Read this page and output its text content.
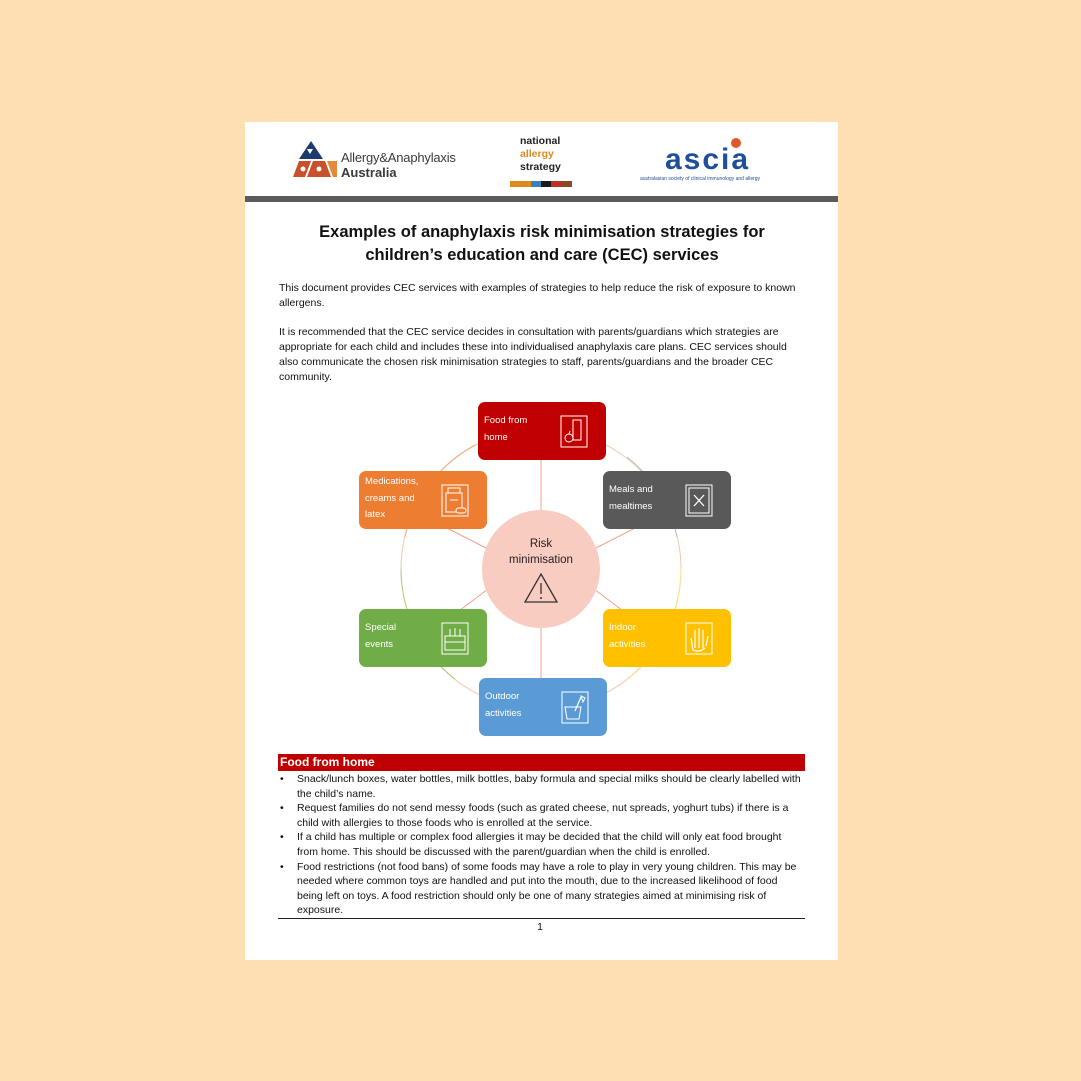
Allergy&Anaphylaxis
Australia
national
allergy
strategy	ascia
australasian society of clinical immunology and allergy
Examples of anaphylaxis risk minimisation strategies for children’s education and care (CEC) services

This document provides CEC services with examples of strategies to help reduce the risk of exposure to known allergens.

It is recommended that the CEC service decides in consultation with parents/guardians which strategies are appropriate for each child and includes these into individualised anaphylaxis care plans. CEC services should also communicate the chosen risk minimisation strategies to staff, parents/guardians and the broader CEC community.

Risk
minimisation
Food from
home
Meals and
mealtimes
Indoor
activities
Outdoor
activities
Special
events
Medications,
creams and
latex
Food from home
• Snack/lunch boxes, water bottles, milk bottles, baby formula and special milks should be clearly labelled with the child’s name.
• Request families do not send messy foods (such as grated cheese, nut spreads, yoghurt tubs) if there is a child with allergies to those foods who is enrolled at the service.
• If a child has multiple or complex food allergies it may be decided that the child will only eat food brought from home. This should be discussed with the parent/guardian when the child is enrolled.
• Food restrictions (not food bans) of some foods may have a role to play in very young children. This may be needed where common toys are handled and put into the mouth, due to the increased likelihood of food being left on toys. A food restriction should only be one of many strategies aimed at minimising risk of exposure.
1
